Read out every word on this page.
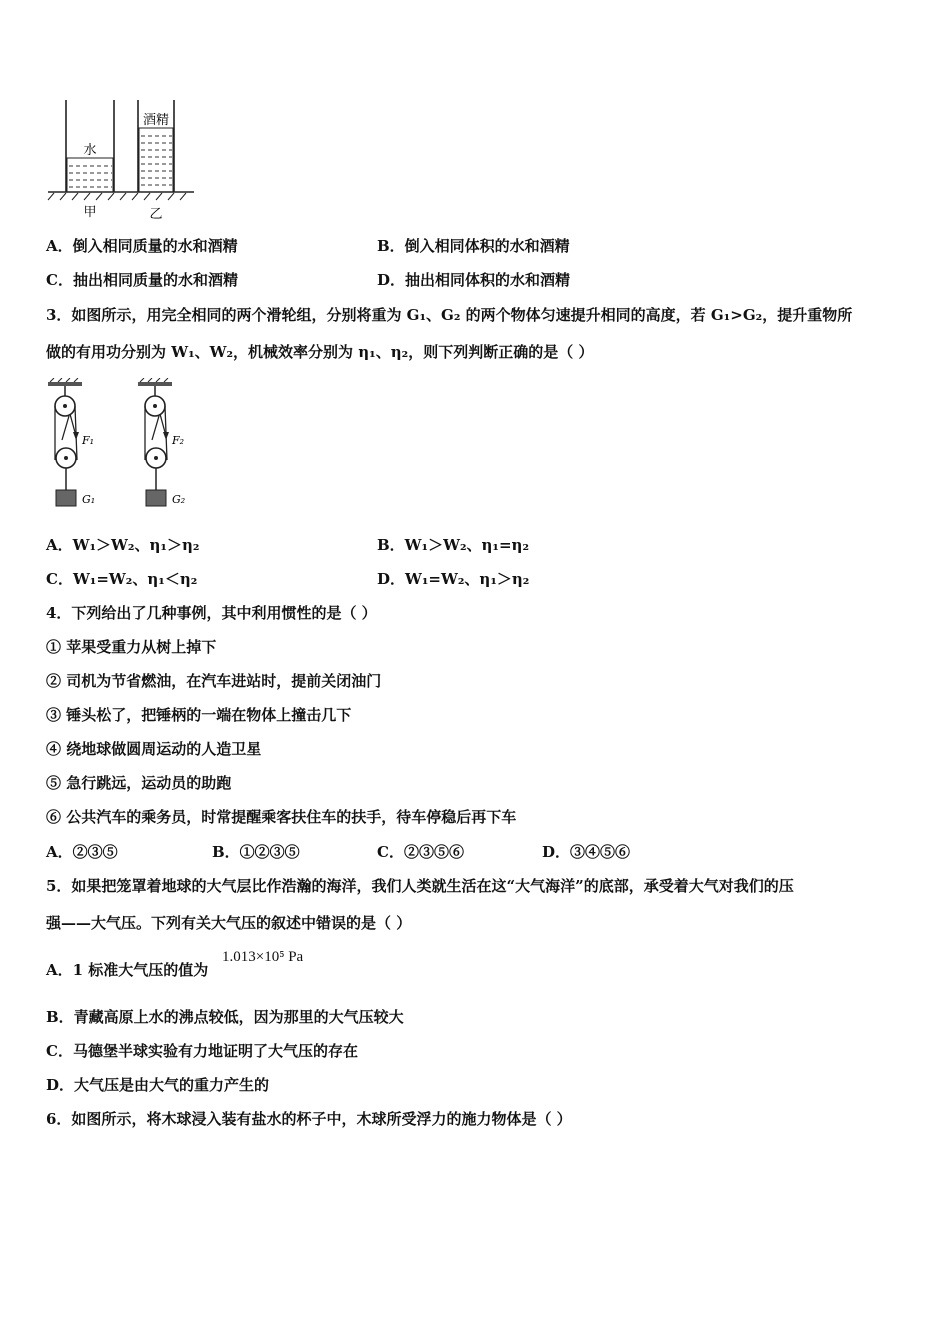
水
酒精
甲	乙
A．倒入相同质量的水和酒精	B．倒入相同体积的水和酒精
C．抽出相同质量的水和酒精	D．抽出相同体积的水和酒精
3．如图所示，用完全相同的两个滑轮组，分别将重为 G₁、G₂ 的两个物体匀速提升相同的高度，若 G₁>G₂，提升重物所
做的有用功分别为 W₁、W₂，机械效率分别为 η₁、η₂，则下列判断正确的是（ ）
F₁
G₁
F₂
G₂
A．W₁＞W₂、η₁＞η₂	B．W₁＞W₂、η₁=η₂
C．W₁=W₂、η₁＜η₂	D．W₁=W₂、η₁＞η₂
4．下列给出了几种事例，其中利用惯性的是（ ）
① 苹果受重力从树上掉下
② 司机为节省燃油，在汽车进站时，提前关闭油门
③ 锤头松了，把锤柄的一端在物体上撞击几下
④ 绕地球做圆周运动的人造卫星
⑤ 急行跳远，运动员的助跑
⑥ 公共汽车的乘务员，时常提醒乘客扶住车的扶手，待车停稳后再下车
A．②③⑤	B．①②③⑤	C．②③⑤⑥	D．③④⑤⑥
5．如果把笼罩着地球的大气层比作浩瀚的海洋，我们人类就生活在这“大气海洋”的底部，承受着大气对我们的压
强——大气压。下列有关大气压的叙述中错误的是（ ）
A．1 标准大气压的值为
1.013×10⁵ Pa
B．青藏高原上水的沸点较低，因为那里的大气压较大
C．马德堡半球实验有力地证明了大气压的存在
D．大气压是由大气的重力产生的
6．如图所示，将木球浸入装有盐水的杯子中，木球所受浮力的施力物体是（ ）
